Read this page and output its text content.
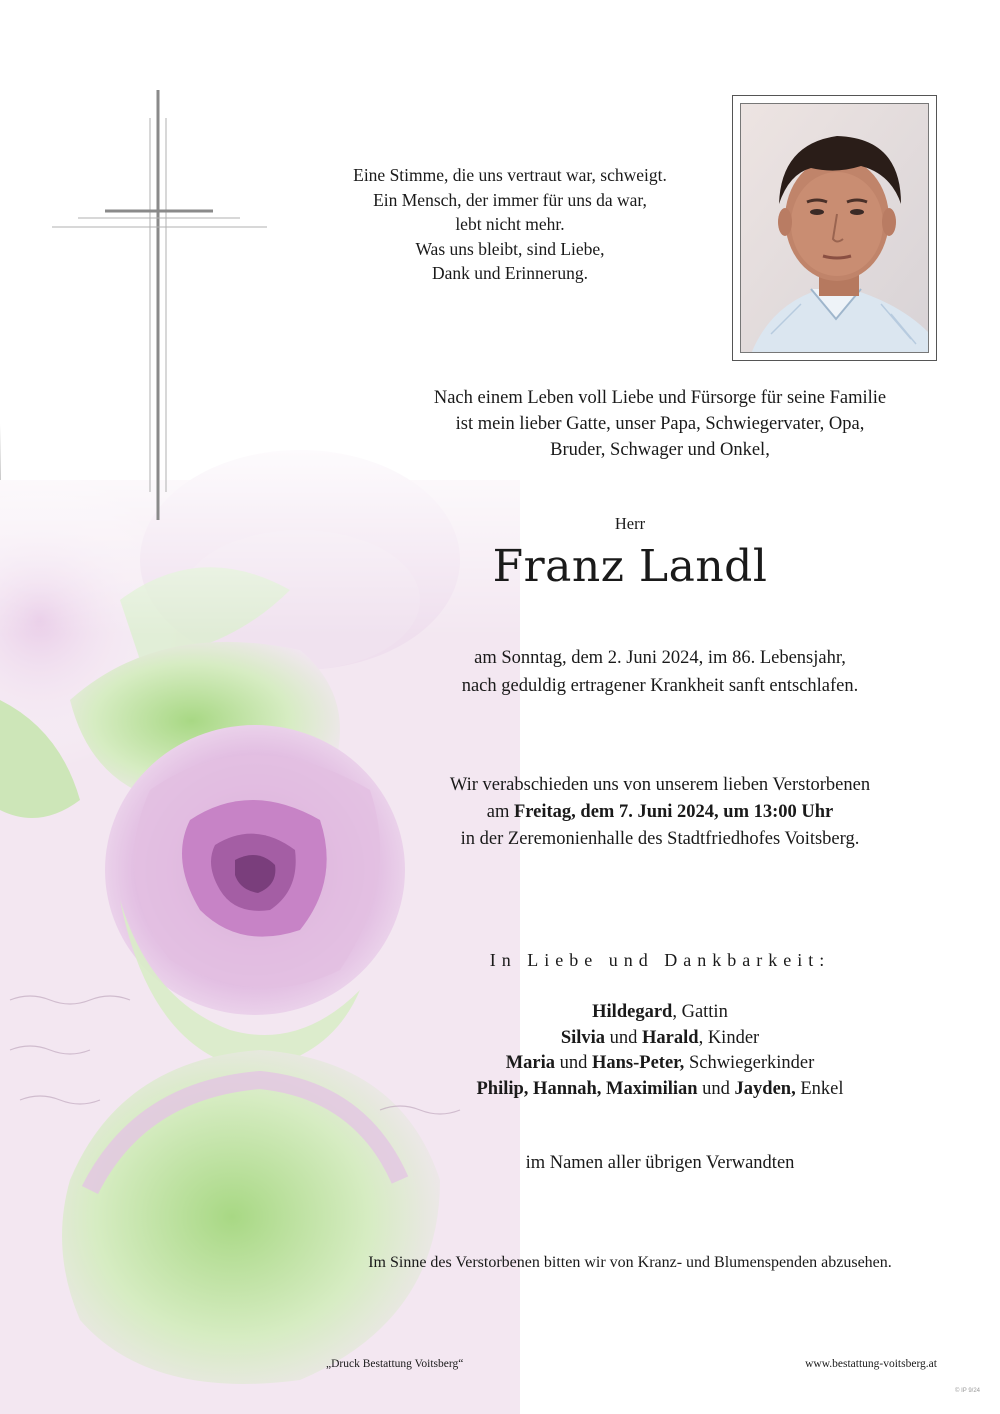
Eine Stimme, die uns vertraut war, schweigt.
Ein Mensch, der immer für uns da war,
lebt nicht mehr.
Was uns bleibt, sind Liebe,
Dank und Erinnerung.
Nach einem Leben voll Liebe und Fürsorge für seine Familie
ist mein lieber Gatte, unser Papa, Schwiegervater, Opa,
Bruder, Schwager und Onkel,
Herr
Franz Landl
am Sonntag, dem 2. Juni 2024, im 86. Lebensjahr,
nach geduldig ertragener Krankheit sanft entschlafen.
Wir verabschieden uns von unserem lieben Verstorbenen
am Freitag, dem 7. Juni 2024, um 13:00 Uhr
in der Zeremonienhalle des Stadtfriedhofes Voitsberg.
In Liebe und Dankbarkeit:
Hildegard, Gattin
Silvia und Harald, Kinder
Maria und Hans-Peter, Schwiegerkinder
Philip, Hannah, Maximilian und Jayden, Enkel
im Namen aller übrigen Verwandten
Im Sinne des Verstorbenen bitten wir von Kranz- und Blumenspenden abzusehen.
„Druck Bestattung Voitsberg“	www.bestattung-voitsberg.at
© IP 9/24
